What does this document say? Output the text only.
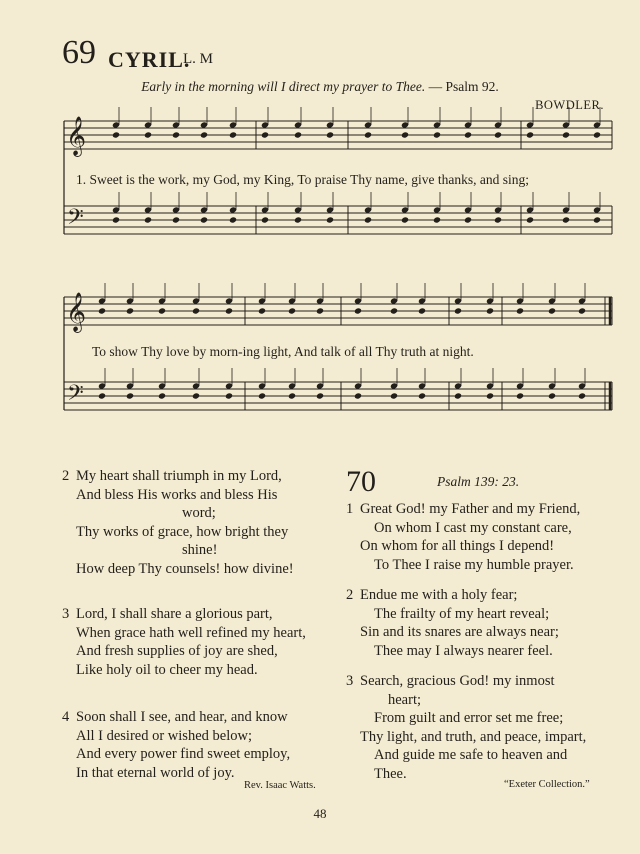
69 CYRIL.
L. M
Early in the morning will I direct my prayer to Thee. — Psalm 92.
BOWDLER.
𝄞
𝄢
𝄞
𝄢
1. Sweet is the work, my God, my King, To praise Thy name, give thanks, and sing;
To show Thy love by morn-ing light, And talk of all Thy truth at night.
2 My heart shall triumph in my Lord,
And bless His works and bless His
word;
Thy works of grace, how bright they
shine!
How deep Thy counsels! how divine!
3 Lord, I shall share a glorious part,
When grace hath well refined my heart,
And fresh supplies of joy are shed,
Like holy oil to cheer my head.
4 Soon shall I see, and hear, and know
All I desired or wished below;
And every power find sweet employ,
In that eternal world of joy.
Rev. Isaac Watts.
70	Psalm 139: 23.
1 Great God! my Father and my Friend,
On whom I cast my constant care,
On whom for all things I depend!
To Thee I raise my humble prayer.
2 Endue me with a holy fear;
The frailty of my heart reveal;
Sin and its snares are always near;
Thee may I always nearer feel.
3 Search, gracious God! my inmost
heart;
From guilt and error set me free;
Thy light, and truth, and peace, impart,
And guide me safe to heaven and
Thee.
“Exeter Collection.”
48
